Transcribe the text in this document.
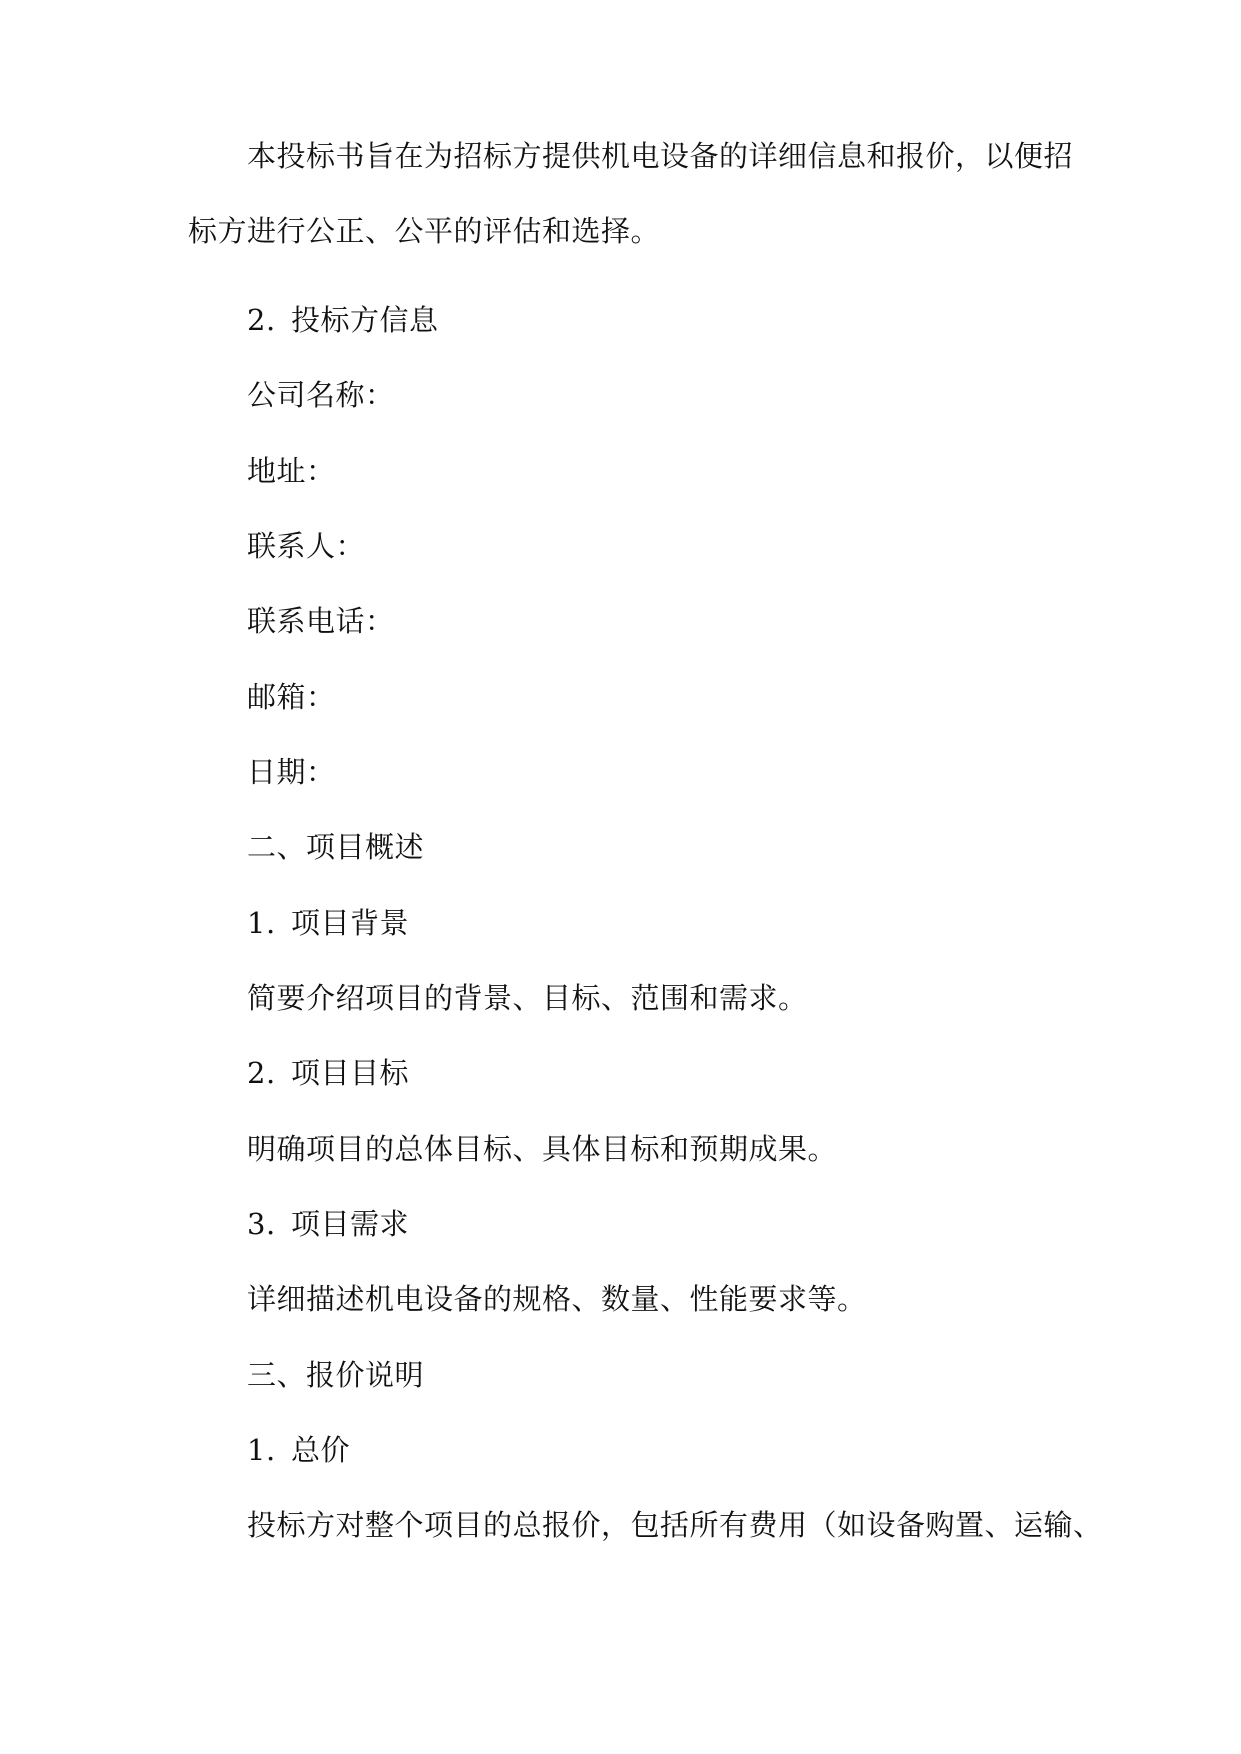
本投标书旨在为招标方提供机电设备的详细信息和报价，以便招
标方进行公正、公平的评估和选择。
2. 投标方信息
公司名称：
地址：
联系人：
联系电话：
邮箱：
日期：
二、项目概述
1. 项目背景
简要介绍项目的背景、目标、范围和需求。
2. 项目目标
明确项目的总体目标、具体目标和预期成果。
3. 项目需求
详细描述机电设备的规格、数量、性能要求等。
三、报价说明
1. 总价
投标方对整个项目的总报价，包括所有费用（如设备购置、运输、
